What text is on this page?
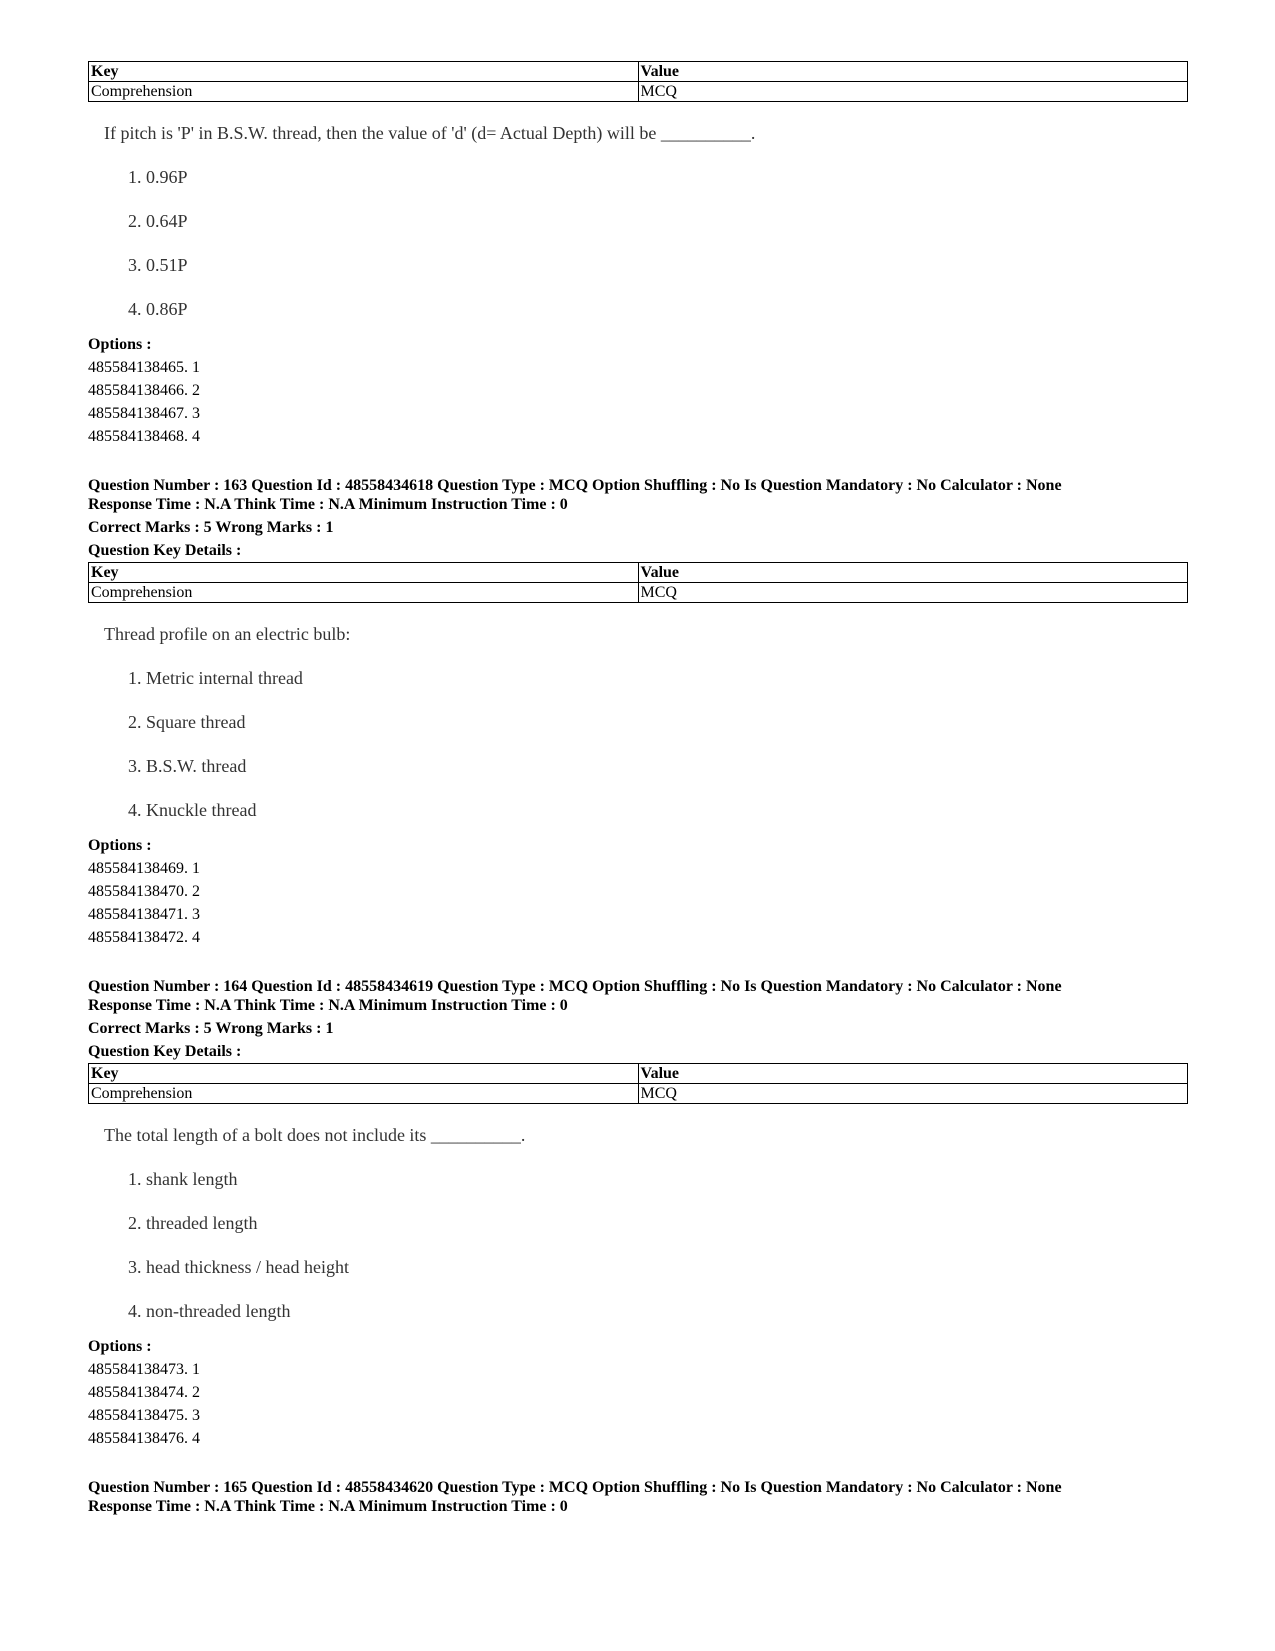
Key	Value
Comprehension	MCQ
If pitch is 'P' in B.S.W. thread, then the value of 'd' (d= Actual Depth) will be __________.
1. 0.96P
2. 0.64P
3. 0.51P
4. 0.86P
Options :
485584138465. 1
485584138466. 2
485584138467. 3
485584138468. 4
Question Number : 163 Question Id : 48558434618 Question Type : MCQ Option Shuffling : No Is Question Mandatory : No Calculator : None
Response Time : N.A Think Time : N.A Minimum Instruction Time : 0
Correct Marks : 5 Wrong Marks : 1
Question Key Details :
Key	Value
Comprehension	MCQ
Thread profile on an electric bulb:
1. Metric internal thread
2. Square thread
3. B.S.W. thread
4. Knuckle thread
Options :
485584138469. 1
485584138470. 2
485584138471. 3
485584138472. 4
Question Number : 164 Question Id : 48558434619 Question Type : MCQ Option Shuffling : No Is Question Mandatory : No Calculator : None
Response Time : N.A Think Time : N.A Minimum Instruction Time : 0
Correct Marks : 5 Wrong Marks : 1
Question Key Details :
Key	Value
Comprehension	MCQ
The total length of a bolt does not include its __________.
1. shank length
2. threaded length
3. head thickness / head height
4. non-threaded length
Options :
485584138473. 1
485584138474. 2
485584138475. 3
485584138476. 4
Question Number : 165 Question Id : 48558434620 Question Type : MCQ Option Shuffling : No Is Question Mandatory : No Calculator : None
Response Time : N.A Think Time : N.A Minimum Instruction Time : 0
